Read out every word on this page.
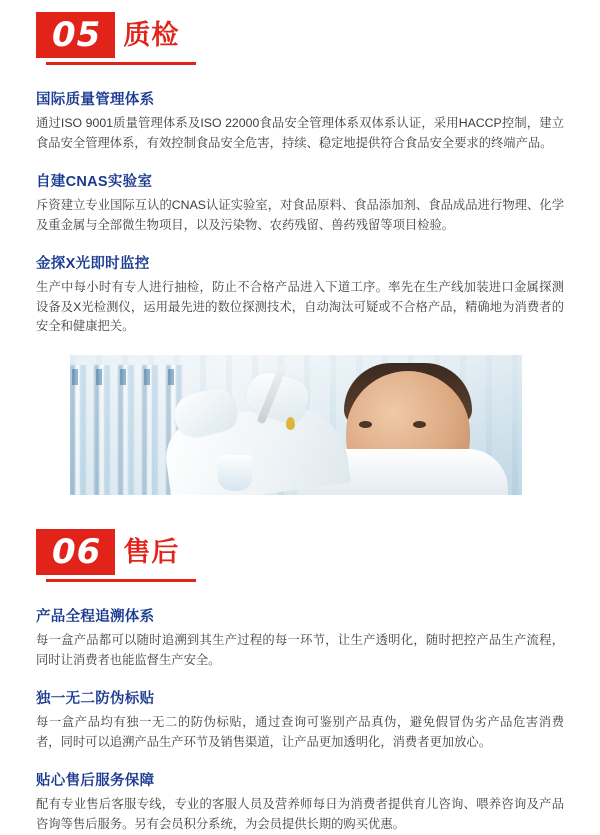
05 质检
国际质量管理体系
通过ISO 9001质量管理体系及ISO 22000食品安全管理体系双体系认证，采用HACCP控制，建立食品安全管理体系，有效控制食品安全危害，持续、稳定地提供符合食品安全要求的终端产品。
自建CNAS实验室
斥资建立专业国际互认的CNAS认证实验室，对食品原料、食品添加剂、食品成品进行物理、化学及重金属与全部微生物项目，以及污染物、农药残留、兽药残留等项目检验。
金探X光即时监控
生产中每小时有专人进行抽检，防止不合格产品进入下道工序。率先在生产线加装进口金属探测设备及X光检测仪，运用最先进的数位探测技术，自动淘汰可疑或不合格产品，精确地为消费者的安全和健康把关。
06 售后
产品全程追溯体系
每一盒产品都可以随时追溯到其生产过程的每一环节，让生产透明化，随时把控产品生产流程，同时让消费者也能监督生产安全。
独一无二防伪标贴
每一盒产品均有独一无二的防伪标贴，通过查询可鉴别产品真伪，避免假冒伪劣产品危害消费者，同时可以追溯产品生产环节及销售渠道，让产品更加透明化，消费者更加放心。
贴心售后服务保障
配有专业售后客服专线，专业的客服人员及营养师每日为消费者提供育儿咨询、喂养咨询及产品咨询等售后服务。另有会员积分系统，为会员提供长期的购买优惠。
